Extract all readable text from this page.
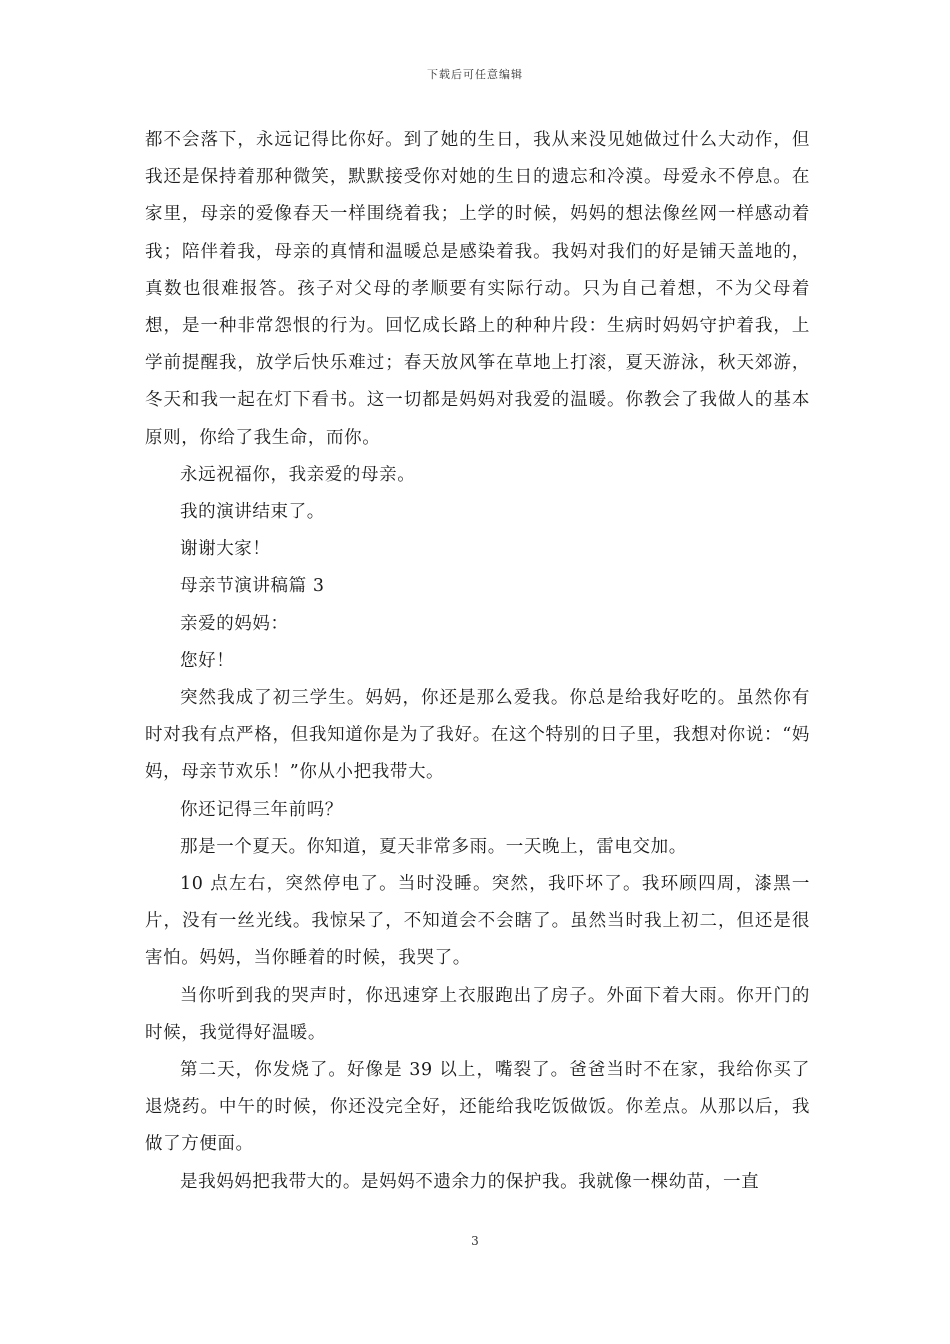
下载后可任意编辑

都不会落下，永远记得比你好。到了她的生日，我从来没见她做过什么大动作，但我还是保持着那种微笑，默默接受你对她的生日的遗忘和冷漠。母爱永不停息。在家里，母亲的爱像春天一样围绕着我；上学的时候，妈妈的想法像丝网一样感动着我；陪伴着我，母亲的真情和温暖总是感染着我。我妈对我们的好是铺天盖地的，真数也很难报答。孩子对父母的孝顺要有实际行动。只为自己着想，不为父母着想，是一种非常怨恨的行为。回忆成长路上的种种片段：生病时妈妈守护着我，上学前提醒我，放学后快乐难过；春天放风筝在草地上打滚，夏天游泳，秋天郊游，冬天和我一起在灯下看书。这一切都是妈妈对我爱的温暖。你教会了我做人的基本原则，你给了我生命，而你。

永远祝福你，我亲爱的母亲。

我的演讲结束了。

谢谢大家！

母亲节演讲稿篇 3

亲爱的妈妈：

您好！

突然我成了初三学生。妈妈，你还是那么爱我。你总是给我好吃的。虽然你有时对我有点严格，但我知道你是为了我好。在这个特别的日子里，我想对你说：“妈妈，母亲节欢乐！”你从小把我带大。

你还记得三年前吗？

那是一个夏天。你知道，夏天非常多雨。一天晚上，雷电交加。

10 点左右，突然停电了。当时没睡。突然，我吓坏了。我环顾四周，漆黑一片，没有一丝光线。我惊呆了，不知道会不会瞎了。虽然当时我上初二，但还是很害怕。妈妈，当你睡着的时候，我哭了。

当你听到我的哭声时，你迅速穿上衣服跑出了房子。外面下着大雨。你开门的时候，我觉得好温暖。

第二天，你发烧了。好像是 39 以上，嘴裂了。爸爸当时不在家，我给你买了退烧药。中午的时候，你还没完全好，还能给我吃饭做饭。你差点。从那以后，我做了方便面。

是我妈妈把我带大的。是妈妈不遗余力的保护我。我就像一棵幼苗，一直

3
